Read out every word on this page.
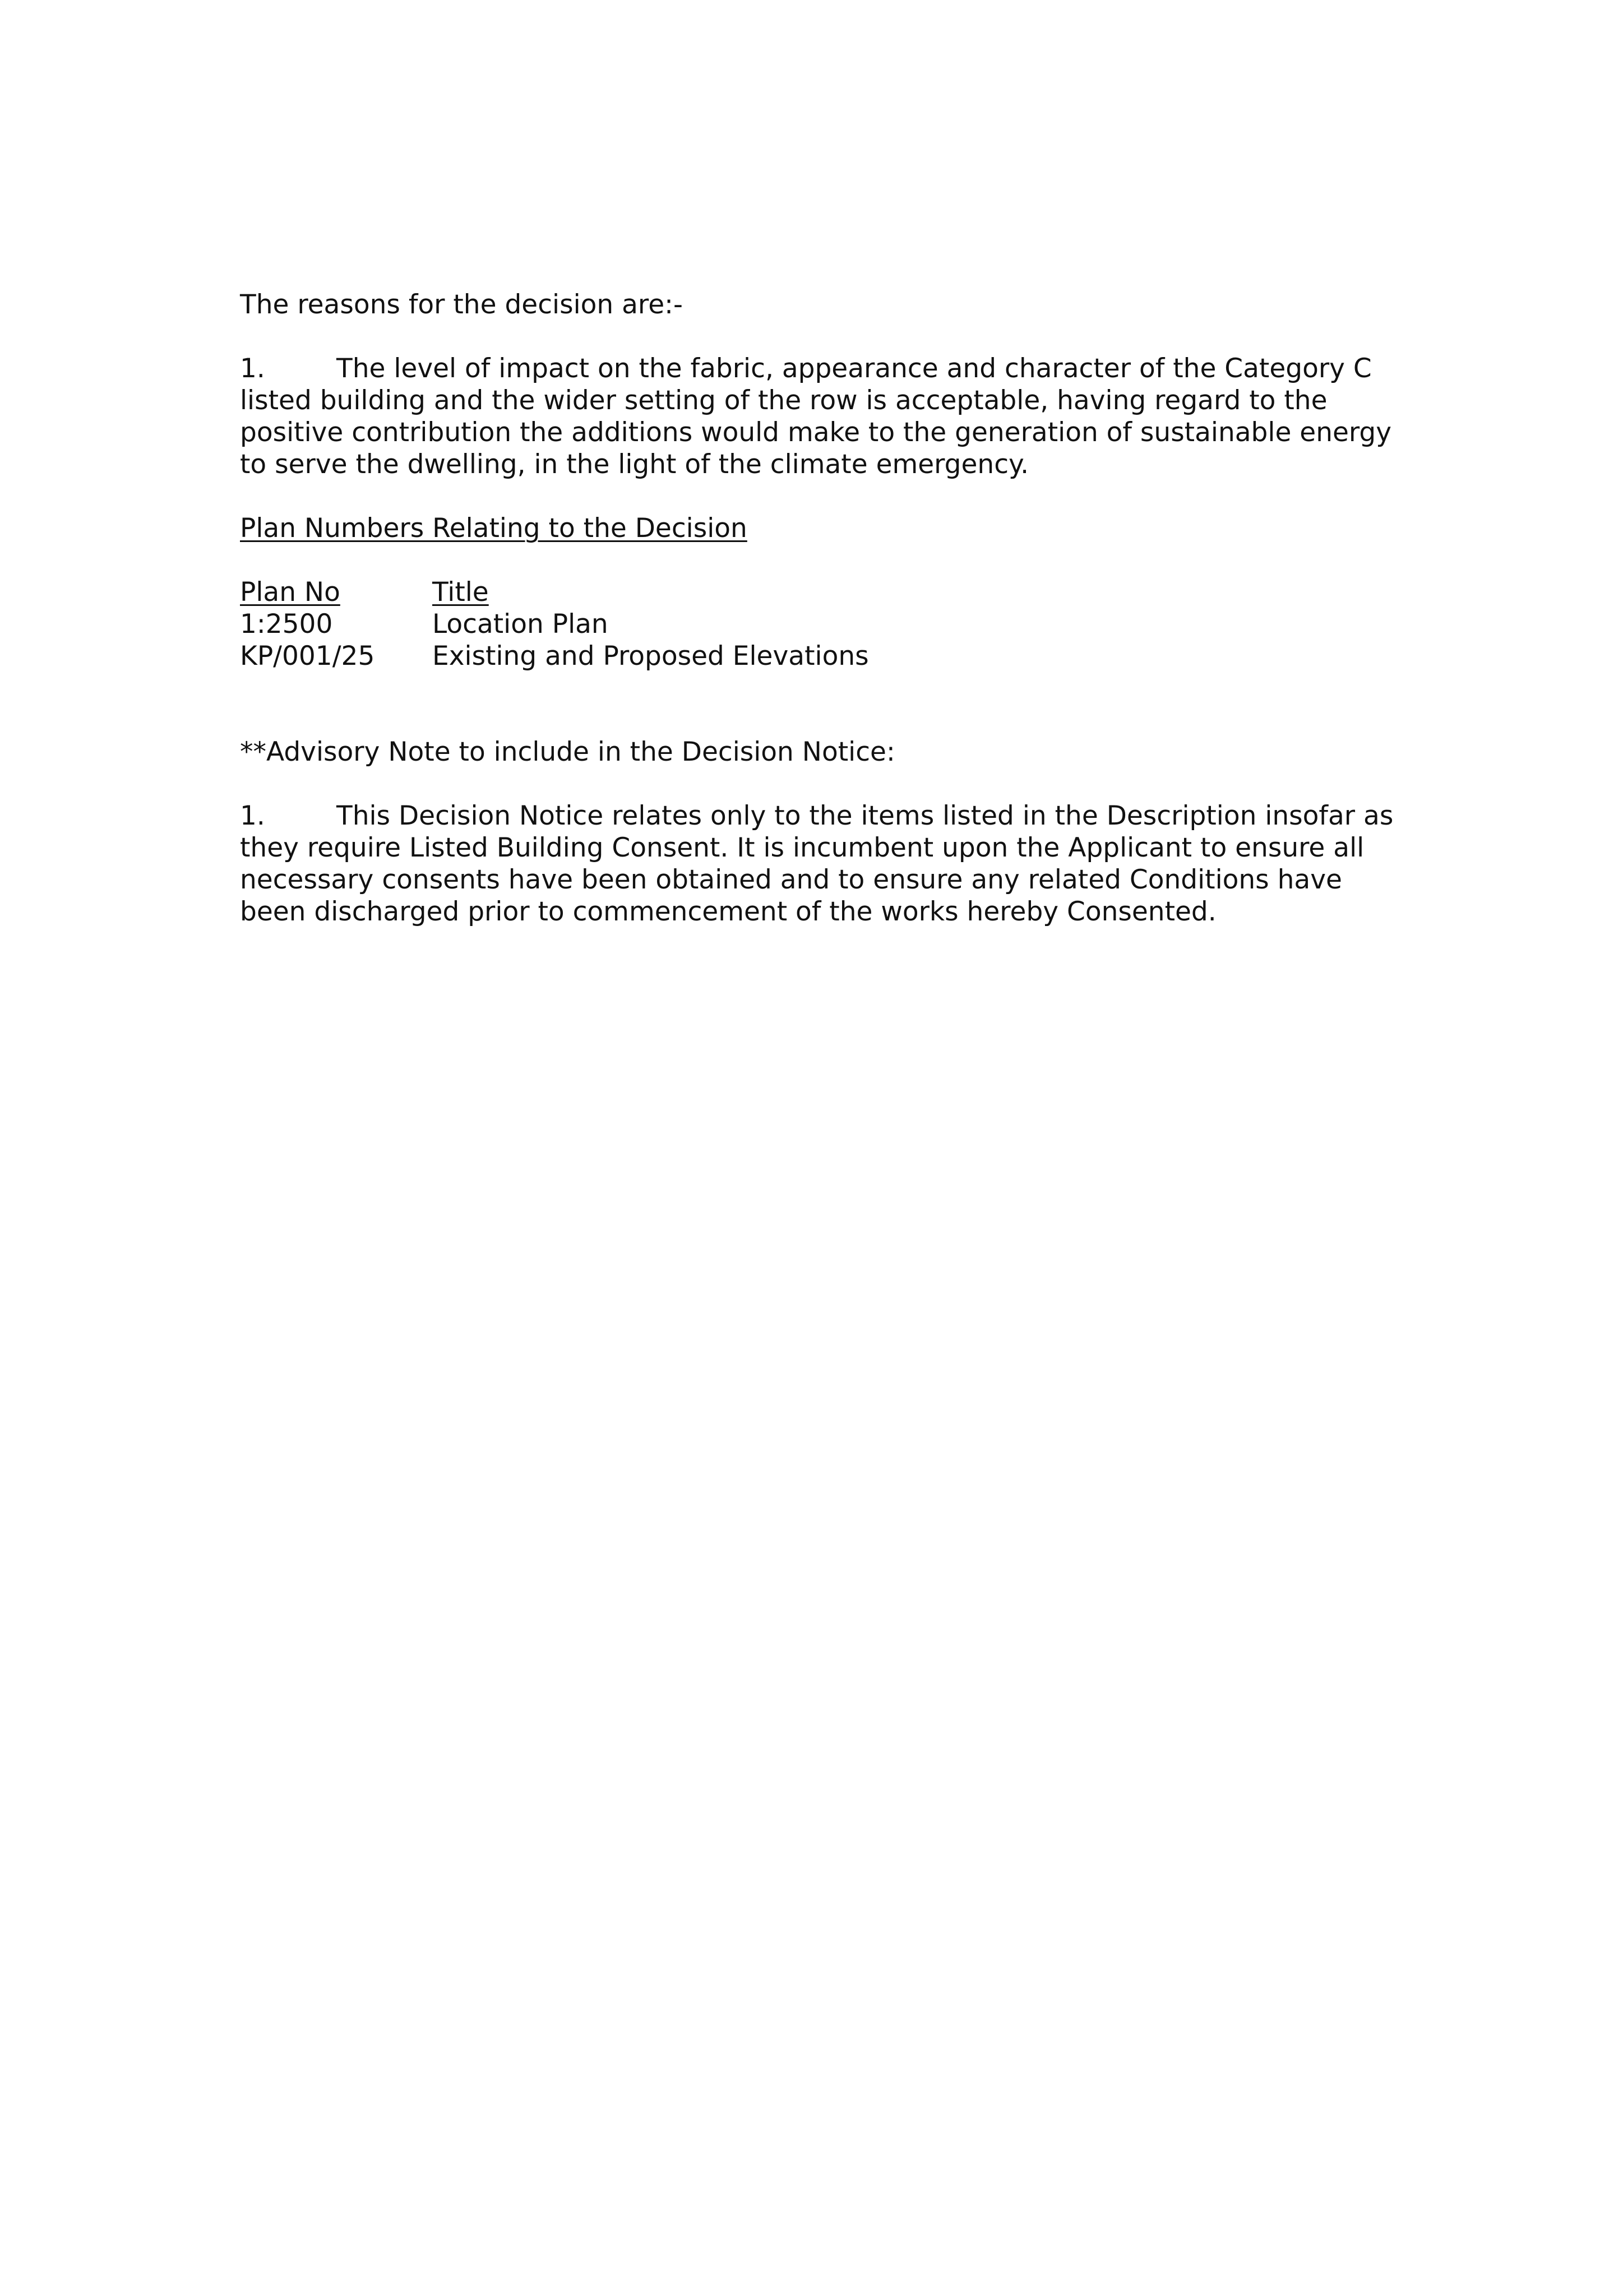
The reasons for the decision are:-

1.	The level of impact on the fabric, appearance and character of the Category C listed building and the wider setting of the row is acceptable, having regard to the positive contribution the additions would make to the generation of sustainable energy to serve the dwelling, in the light of the climate emergency.

Plan Numbers Relating to the Decision

Plan No	Title
1:2500	Location Plan
KP/001/25	Existing and Proposed Elevations

**Advisory Note to include in the Decision Notice:

1.	This Decision Notice relates only to the items listed in the Description insofar as they require Listed Building Consent. It is incumbent upon the Applicant to ensure all necessary consents have been obtained and to ensure any related Conditions have been discharged prior to commencement of the works hereby Consented.
